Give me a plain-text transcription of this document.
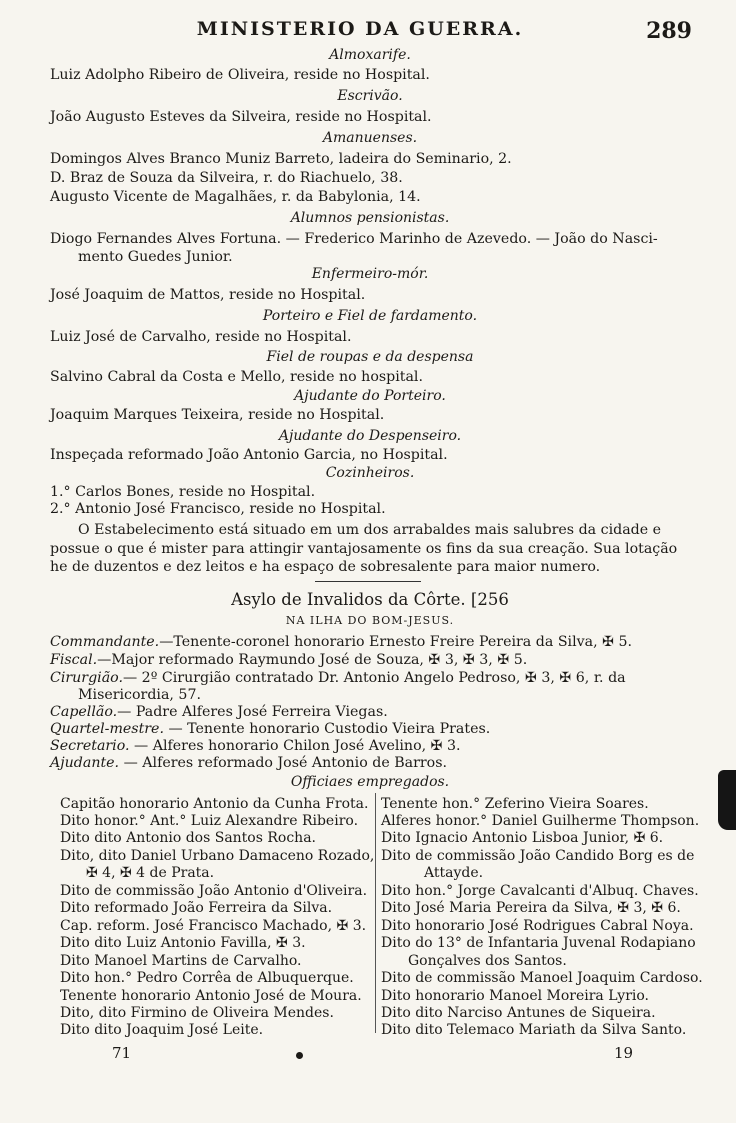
MINISTERIO DA GUERRA.	289
Almoxarife.
Luiz Adolpho Ribeiro de Oliveira, reside no Hospital.
Escrivão.
João Augusto Esteves da Silveira, reside no Hospital.
Amanuenses.
Domingos Alves Branco Muniz Barreto, ladeira do Seminario, 2.
D. Braz de Souza da Silveira, r. do Riachuelo, 38.
Augusto Vicente de Magalhães, r. da Babylonia, 14.
Alumnos pensionistas.
Diogo Fernandes Alves Fortuna. — Frederico Marinho de Azevedo. — João do Nasci-
mento Guedes Junior.
Enfermeiro-mór.
José Joaquim de Mattos, reside no Hospital.
Porteiro e Fiel de fardamento.
Luiz José de Carvalho, reside no Hospital.
Fiel de roupas e da despensa
Salvino Cabral da Costa e Mello, reside no hospital.
Ajudante do Porteiro.
Joaquim Marques Teixeira, reside no Hospital.
Ajudante do Despenseiro.
Inspeçada reformado João Antonio Garcia, no Hospital.
Cozinheiros.
1.° Carlos Bones, reside no Hospital.
2.° Antonio José Francisco, reside no Hospital.
O Estabelecimento está situado em um dos arrabaldes mais salubres da cidade e
possue o que é mister para attingir vantajosamente os fins da sua creação. Sua lotação
he de duzentos e dez leitos e ha espaço de sobresalente para maior numero.
Asylo de Invalidos da Côrte. [256
NA ILHA DO BOM-JESUS.
Commandante.—Tenente-coronel honorario Ernesto Freire Pereira da Silva, ✠ 5.
Fiscal.—Major reformado Raymundo José de Souza, ✠ 3, ✠ 3, ✠ 5.
Cirurgião.— 2º Cirurgião contratado Dr. Antonio Angelo Pedroso, ✠ 3, ✠ 6, r. da
Misericordia, 57.
Capellão.— Padre Alferes José Ferreira Viegas.
Quartel-mestre. — Tenente honorario Custodio Vieira Prates.
Secretario. — Alferes honorario Chilon José Avelino, ✠ 3.
Ajudante. — Alferes reformado José Antonio de Barros.
Officiaes empregados.
Capitão honorario Antonio da Cunha Frota.
Dito honor.° Ant.° Luiz Alexandre Ribeiro.
Dito dito Antonio dos Santos Rocha.
Dito, dito Daniel Urbano Damaceno Rozado,
✠ 4, ✠ 4 de Prata.
Dito de commissão João Antonio d'Oliveira.
Dito reformado João Ferreira da Silva.
Cap. reform. José Francisco Machado, ✠ 3.
Dito dito Luiz Antonio Favilla, ✠ 3.
Dito Manoel Martins de Carvalho.
Dito hon.° Pedro Corrêa de Albuquerque.
Tenente honorario Antonio José de Moura.
Dito, dito Firmino de Oliveira Mendes.
Dito dito Joaquim José Leite.
Tenente hon.° Zeferino Vieira Soares.
Alferes honor.° Daniel Guilherme Thompson.
Dito Ignacio Antonio Lisboa Junior, ✠ 6.
Dito de commissão João Candido Borg es de
Attayde.
Dito hon.° Jorge Cavalcanti d'Albuq. Chaves.
Dito José Maria Pereira da Silva, ✠ 3, ✠ 6.
Dito honorario José Rodrigues Cabral Noya.
Dito do 13° de Infantaria Juvenal Rodapiano
Gonçalves dos Santos.
Dito de commissão Manoel Joaquim Cardoso.
Dito honorario Manoel Moreira Lyrio.
Dito dito Narciso Antunes de Siqueira.
Dito dito Telemaco Mariath da Silva Santo.
71	19
